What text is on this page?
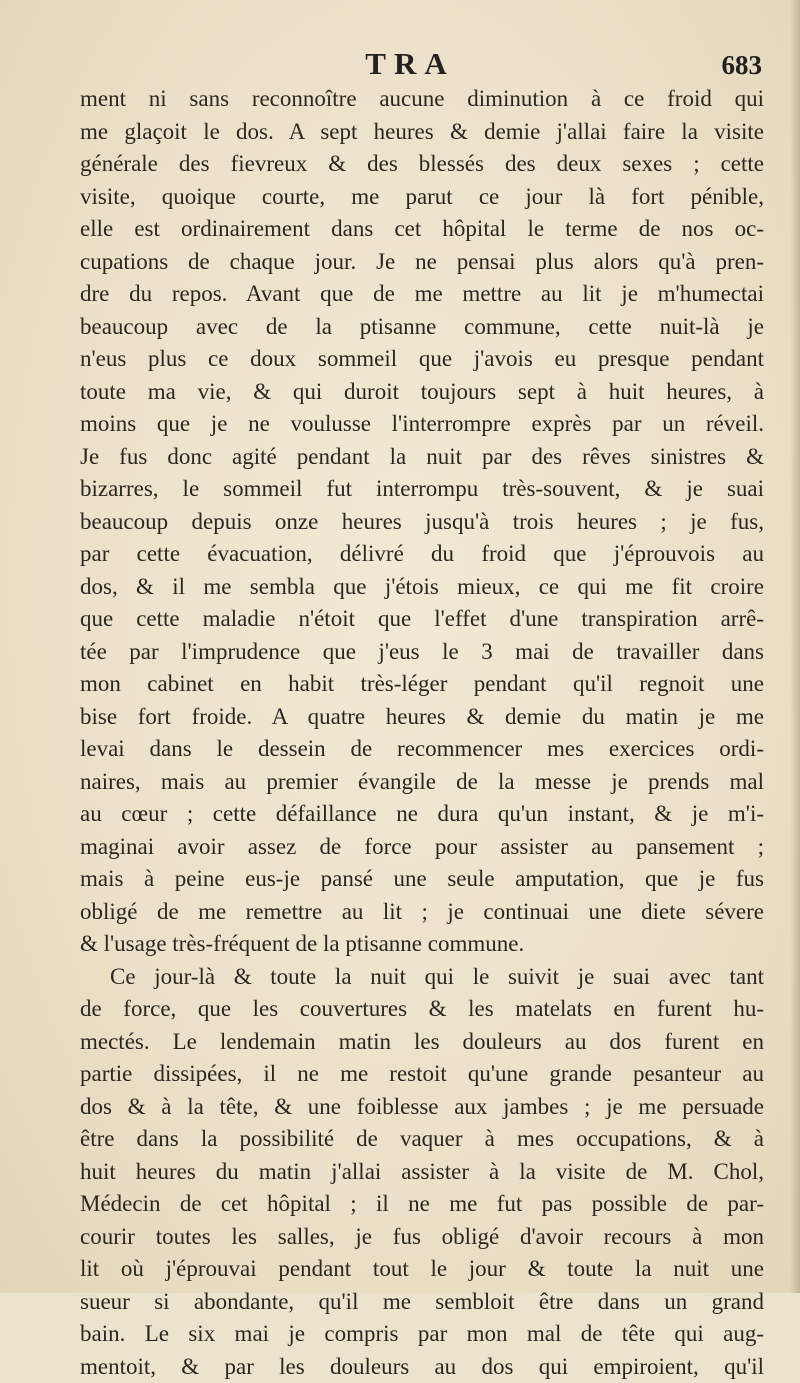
TRA	683
ment ni sans reconnoître aucune diminution à ce froid qui
me glaçoit le dos. A sept heures & demie j'allai faire la visite
générale des fievreux & des blessés des deux sexes ; cette
visite, quoique courte, me parut ce jour là fort pénible,
elle est ordinairement dans cet hôpital le terme de nos oc-
cupations de chaque jour. Je ne pensai plus alors qu'à pren-
dre du repos. Avant que de me mettre au lit je m'humectai
beaucoup avec de la ptisanne commune, cette nuit-là je
n'eus plus ce doux sommeil que j'avois eu presque pendant
toute ma vie, & qui duroit toujours sept à huit heures, à
moins que je ne voulusse l'interrompre exprès par un réveil.
Je fus donc agité pendant la nuit par des rêves sinistres &
bizarres, le sommeil fut interrompu très-souvent, & je suai
beaucoup depuis onze heures jusqu'à trois heures ; je fus,
par cette évacuation, délivré du froid que j'éprouvois au
dos, & il me sembla que j'étois mieux, ce qui me fit croire
que cette maladie n'étoit que l'effet d'une transpiration arrê-
tée par l'imprudence que j'eus le 3 mai de travailler dans
mon cabinet en habit très-léger pendant qu'il regnoit une
bise fort froide. A quatre heures & demie du matin je me
levai dans le dessein de recommencer mes exercices ordi-
naires, mais au premier évangile de la messe je prends mal
au cœur ; cette défaillance ne dura qu'un instant, & je m'i-
maginai avoir assez de force pour assister au pansement ;
mais à peine eus-je pansé une seule amputation, que je fus
obligé de me remettre au lit ; je continuai une diete sévere
& l'usage très-fréquent de la ptisanne commune.
Ce jour-là & toute la nuit qui le suivit je suai avec tant
de force, que les couvertures & les matelats en furent hu-
mectés. Le lendemain matin les douleurs au dos furent en
partie dissipées, il ne me restoit qu'une grande pesanteur au
dos & à la tête, & une foiblesse aux jambes ; je me persuade
être dans la possibilité de vaquer à mes occupations, & à
huit heures du matin j'allai assister à la visite de M. Chol,
Médecin de cet hôpital ; il ne me fut pas possible de par-
courir toutes les salles, je fus obligé d'avoir recours à mon
lit où j'éprouvai pendant tout le jour & toute la nuit une
sueur si abondante, qu'il me sembloit être dans un grand
bain. Le six mai je compris par mon mal de tête qui aug-
mentoit, & par les douleurs au dos qui empiroient, qu'il
